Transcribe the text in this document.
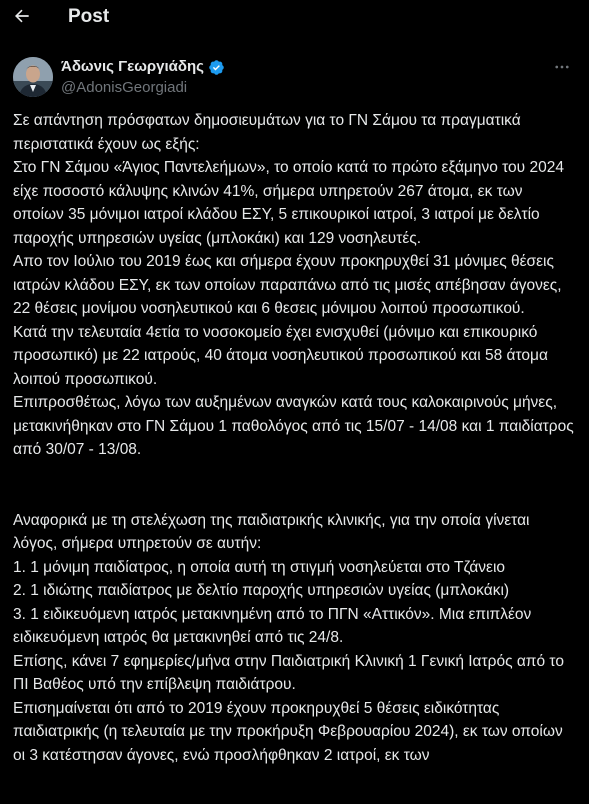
Post
Άδωνις Γεωργιάδης
@AdonisGeorgiadi

Σε απάντηση πρόσφατων δημοσιευμάτων για το ΓΝ Σάμου τα πραγματικά περιστατικά έχουν ως εξής:

Στο ΓΝ Σάμου «Άγιος Παντελεήμων», το οποίο κατά το πρώτο εξάμηνο του 2024 είχε ποσοστό κάλυψης κλινών 41%, σήμερα υπηρετούν 267 άτομα, εκ των οποίων 35 μόνιμοι ιατροί κλάδου ΕΣΥ, 5 επικουρικοί ιατροί, 3 ιατροί με δελτίο παροχής υπηρεσιών υγείας (μπλοκάκι) και 129 νοσηλευτές.

Απο τον Ιούλιο του 2019 έως και σήμερα έχουν προκηρυχθεί 31 μόνιμες θέσεις ιατρών κλάδου ΕΣΥ, εκ των οποίων παραπάνω από τις μισές απέβησαν άγονες, 22 θέσεις μονίμου νοσηλευτικού και 6 θεσεις μόνιμου λοιπού προσωπικού.

Κατά την τελευταία 4ετία το νοσοκομείο έχει ενισχυθεί (μόνιμο και επικουρικό προσωπικό) με 22 ιατρούς, 40 άτομα νοσηλευτικού προσωπικού και 58 άτομα λοιπού προσωπικού.

Επιπροσθέτως, λόγω των αυξημένων αναγκών κατά τους καλοκαιρινούς μήνες, μετακινήθηκαν στο ΓΝ Σάμου 1 παθολόγος από τις 15/07 - 14/08 και 1 παιδίατρος από 30/07 - 13/08.

Αναφορικά με τη στελέχωση της παιδιατρικής κλινικής, για την οποία γίνεται λόγος, σήμερα υπηρετούν σε αυτήν:

1. 1 μόνιμη παιδίατρος, η οποία αυτή τη στιγμή νοσηλεύεται στο Τζάνειο

2. 1 ιδιώτης παιδίατρος με δελτίο παροχής υπηρεσιών υγείας (μπλοκάκι)

3. 1 ειδικευόμενη ιατρός μετακινημένη από το ΠΓΝ «Αττικόν». Μια επιπλέον ειδικευόμενη ιατρός θα μετακινηθεί από τις 24/8.

Επίσης, κάνει 7 εφημερίες/μήνα στην Παιδιατρική Κλινική 1 Γενική Ιατρός από το ΠΙ Βαθέος υπό την επίβλεψη παιδιάτρου.

Επισημαίνεται ότι από το 2019 έχουν προκηρυχθεί 5 θέσεις ειδικότητας παιδιατρικής (η τελευταία με την προκήρυξη Φεβρουαρίου 2024), εκ των οποίων οι 3 κατέστησαν άγονες, ενώ προσλήφθηκαν 2 ιατροί, εκ των
